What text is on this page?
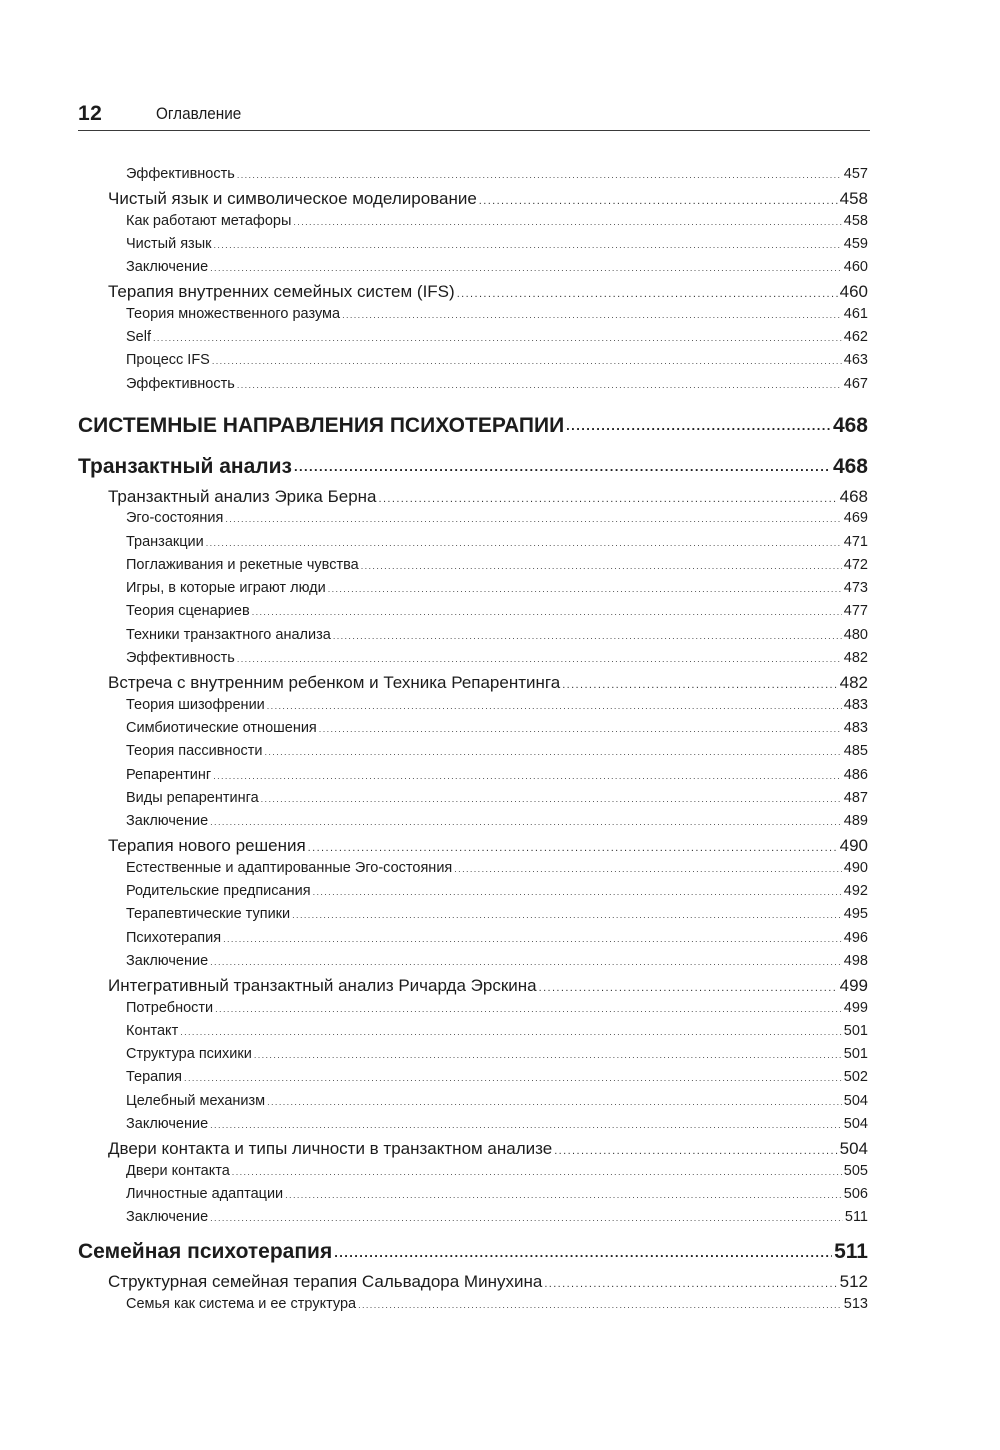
12	Оглавление
Эффективность .....	457
Чистый язык и символическое моделирование .....	458
Как работают метафоры .....	458
Чистый язык .....	459
Заключение .....	460
Терапия внутренних семейных систем (IFS) .....	460
Теория множественного разума .....	461
Self .....	462
Процесс IFS .....	463
Эффективность .....	467
СИСТЕМНЫЕ НАПРАВЛЕНИЯ ПСИХОТЕРАПИИ .....	468
Трaнзактный анализ .....	468
Транзактный анализ Эрика Берна .....	468
Эго-состояния .....	469
Транзакции .....	471
Поглаживания и рекетные чувства .....	472
Игры, в которые играют люди .....	473
Теория сценариев .....	477
Техники транзактного анализа .....	480
Эффективность .....	482
Встреча с внутренним ребенком и Техника Репарентинга .....	482
Теория шизофрении .....	483
Симбиотические отношения .....	483
Теория пассивности .....	485
Репарентинг .....	486
Виды репарентинга .....	487
Заключение .....	489
Терапия нового решения .....	490
Естественные и адаптированные Эго-состояния .....	490
Родительские предписания .....	492
Терапевтические тупики .....	495
Психотерапия .....	496
Заключение .....	498
Интегративный транзактный анализ Ричарда Эрскина .....	499
Потребности .....	499
Контакт .....	501
Структура психики .....	501
Терапия .....	502
Целебный механизм .....	504
Заключение .....	504
Двери контакта и типы личности в транзактном анализе .....	504
Двери контакта .....	505
Личностные адаптации .....	506
Заключение .....	511
Семейная психотерапия .....	511
Структурная семейная терапия Сальвадора Минухина .....	512
Семья как система и ее структура .....	513
